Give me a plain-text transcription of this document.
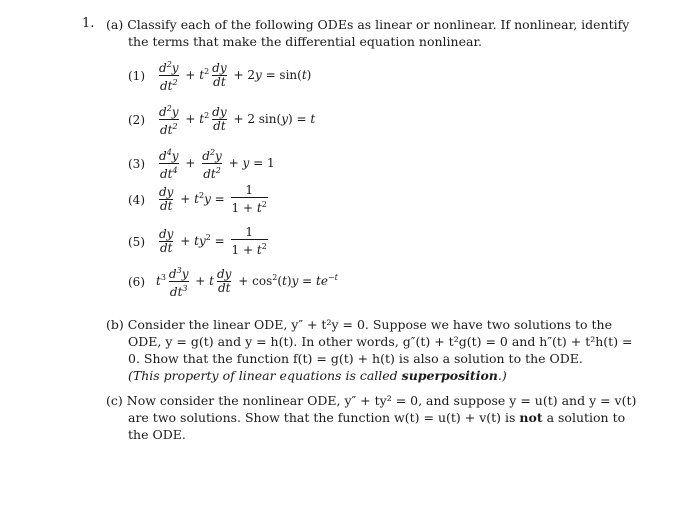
1. (a) Classify each of the following ODEs as linear or nonlinear. If nonlinear, identify the terms that make the differential equation nonlinear.
(1)	$\frac{d^2y}{dt^2} + t^2 \frac{dy}{dt} + 2y = \sin(t)$
(2)	$\frac{d^2y}{dt^2} + t^2 \frac{dy}{dt} + 2$ sin(y) = t
(3)	$\frac{d^4y}{dt^4} + \frac{d^2y}{dt^2} + y = 1$
(4)	$\frac{dy}{dt} + t^2y = \frac{1}{1 + t^2}$
(5)	$\frac{dy}{dt} + ty^2 = \frac{1}{1 + t^2}$
(6) $t^3 \frac{d^3y}{dt^3} + t \frac{dy}{dt} + \cos^2(t)y = te^{-t}$
(b) Consider the linear ODE, y″ + t²y = 0. Suppose we have two solutions to the ODE, y = g(t) and y = h(t). In other words, g″(t) + t²g(t) = 0 and h″(t) + t²h(t) = 0. Show that the function f(t) = g(t) + h(t) is also a solution to the ODE.
(This property of linear equations is called superposition.)
(c) Now consider the nonlinear ODE, y″ + ty² = 0, and suppose y = u(t) and y = v(t) are two solutions. Show that the function w(t) = u(t) + v(t) is not a solution to the ODE.
